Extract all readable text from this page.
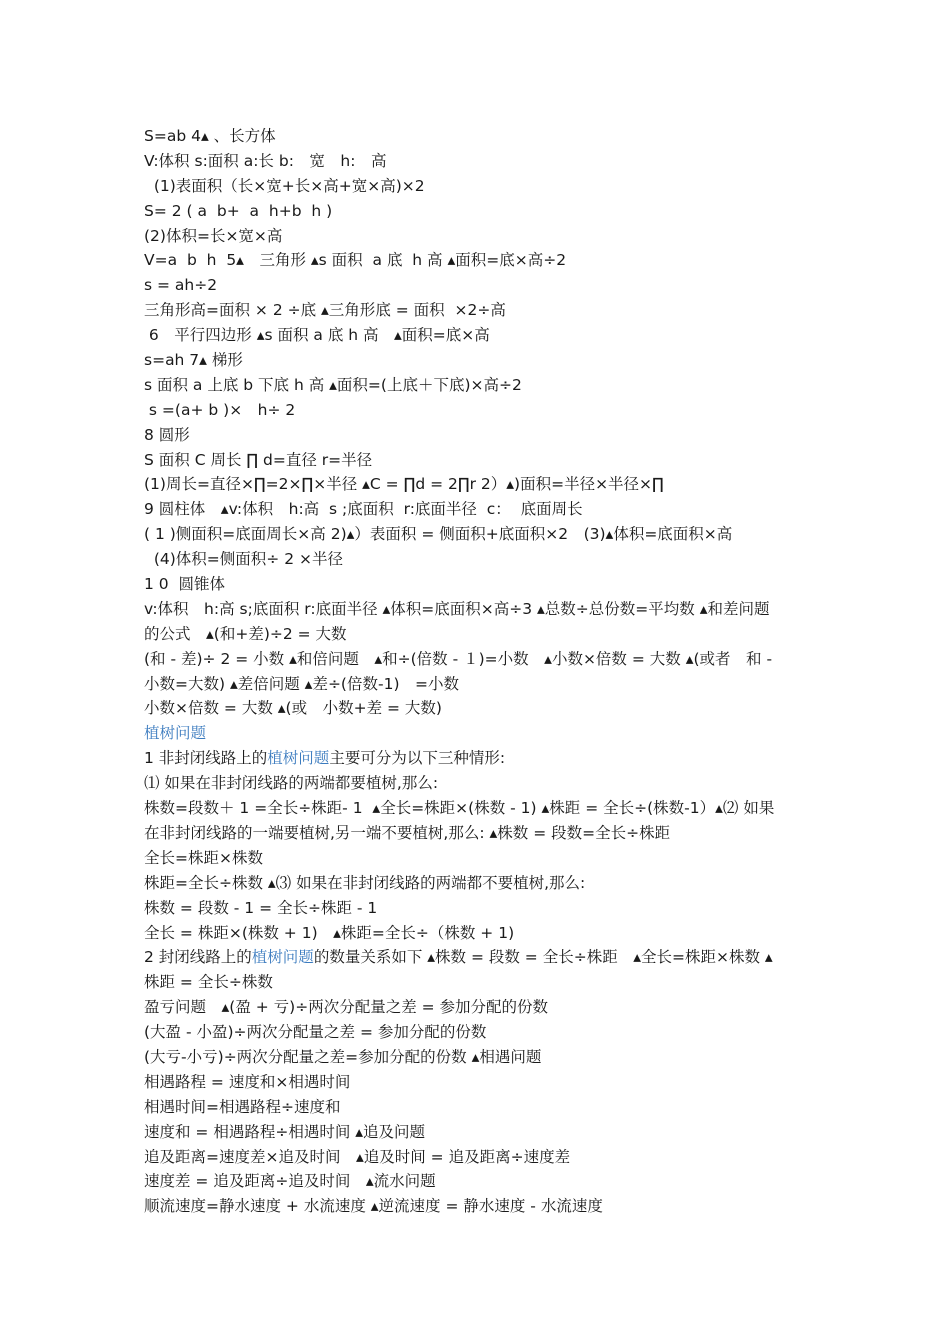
S=ab 4▴ 、长方体
V:体积 s:面积 a:长 b:　宽　h:　高
(1)表面积（长×宽+长×高+宽×高)×2
S= 2 ( a  b+  a  h+b  h )
(2)体积=长×宽×高
V=a  b  h  5▴　三角形 ▴s 面积  a 底  h 高 ▴面积=底×高÷2
s = ah÷2
三角形高=面积 × 2 ÷底 ▴三角形底 = 面积  ×2÷高
6　平行四边形 ▴s 面积 a 底 h 高　▴面积=底×高
s=ah 7▴ 梯形
s 面积 a 上底 b 下底 h 高 ▴面积=(上底＋下底)×高÷2
s =(a+ b )×　h÷ 2
8 圆形
S 面积 C 周长 ∏ d=直径 r=半径
(1)周长=直径×∏=2×∏×半径 ▴C = ∏d = 2∏r 2）▴)面积=半径×半径×∏
9 圆柱体　▴v:体积　h:高  s ;底面积  r:底面半径  c：  底面周长
( 1 )侧面积=底面周长×高 2)▴）表面积 = 侧面积+底面积×2　(3)▴体积=底面积×高
(4)体积=侧面积÷ 2 ×半径
1 0  圆锥体
v:体积　h:高 s;底面积 r:底面半径 ▴体积=底面积×高÷3 ▴总数÷总份数=平均数 ▴和差问题
的公式　▴(和+差)÷2 = 大数
(和 - 差)÷ 2 = 小数 ▴和倍问题　▴和÷(倍数 - １)=小数　▴小数×倍数 = 大数 ▴(或者　和 -
小数=大数) ▴差倍问题 ▴差÷(倍数-1)　=小数
小数×倍数 = 大数 ▴(或　小数+差 = 大数)
植树问题
1 非封闭线路上的植树问题主要可分为以下三种情形:
⑴ 如果在非封闭线路的两端都要植树,那么:
株数=段数＋ 1 =全长÷株距- 1  ▴全长=株距×(株数 - 1) ▴株距 = 全长÷(株数-1）▴⑵ 如果
在非封闭线路的一端要植树,另一端不要植树,那么: ▴株数 = 段数=全长÷株距
全长=株距×株数
株距=全长÷株数 ▴⑶ 如果在非封闭线路的两端都不要植树,那么:
株数 = 段数 - 1 = 全长÷株距 - 1
全长 = 株距×(株数 + 1)　▴株距=全长÷（株数 + 1)
2 封闭线路上的植树问题的数量关系如下 ▴株数 = 段数 = 全长÷株距　▴全长=株距×株数 ▴
株距 = 全长÷株数
盈亏问题　▴(盈 + 亏)÷两次分配量之差 = 参加分配的份数
(大盈 - 小盈)÷两次分配量之差 = 参加分配的份数
(大亏-小亏)÷两次分配量之差=参加分配的份数 ▴相遇问题
相遇路程 = 速度和×相遇时间
相遇时间=相遇路程÷速度和
速度和 = 相遇路程÷相遇时间 ▴追及问题
追及距离=速度差×追及时间　▴追及时间 = 追及距离÷速度差
速度差 = 追及距离÷追及时间　▴流水问题
顺流速度=静水速度 + 水流速度 ▴逆流速度 = 静水速度 - 水流速度
